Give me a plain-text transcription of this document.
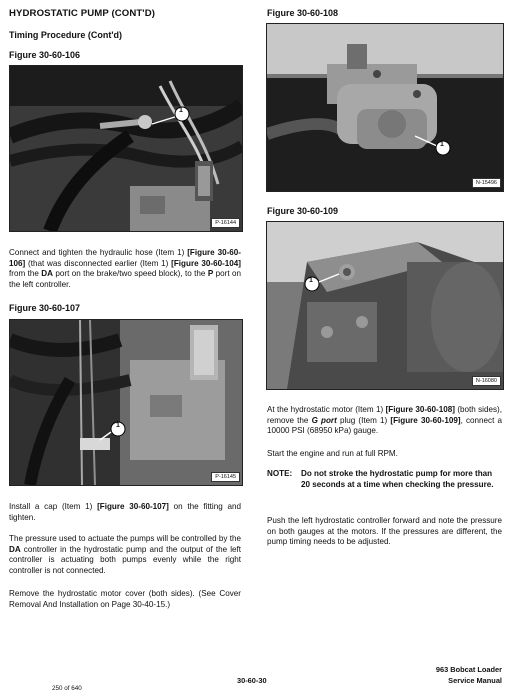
HYDROSTATIC PUMP (CONT'D)
Timing Procedure (Cont'd)
Figure 30-60-106
1
P-16144
Connect and tighten the hydraulic hose (Item 1) [Figure 30-60-106] (that was disconnected earlier (Item 1) [Figure 30-60-104] from the DA port on the brake/two speed block), to the P port on the left controller.
Figure 30-60-107
1
P-16145
Install a cap (Item 1) [Figure 30-60-107] on the fitting and tighten.
The pressure used to actuate the pumps will be controlled by the DA controller in the hydrostatic pump and the output of the left controller is actuating both pumps evenly while the right controller is not connected.
Remove the hydrostatic motor cover (both sides). (See Cover Removal And Installation on Page 30-40-15.)
Figure 30-60-108
1
N-15496
Figure 30-60-109
1
N-16080
At the hydrostatic motor (Item 1) [Figure 30-60-108] (both sides), remove the G port plug (Item 1) [Figure 30-60-109], connect a 10000 PSI (68950 kPa) gauge.
Start the engine and run at full RPM.
NOTE:	Do not stroke the hydrostatic pump for more than 20 seconds at a time when checking the pressure.
Push the left hydrostatic controller forward and note the pressure on both gauges at the motors. If the pressures are different, the pump timing needs to be adjusted.
30-60-30
963 Bobcat Loader
Service Manual
250 of 640
